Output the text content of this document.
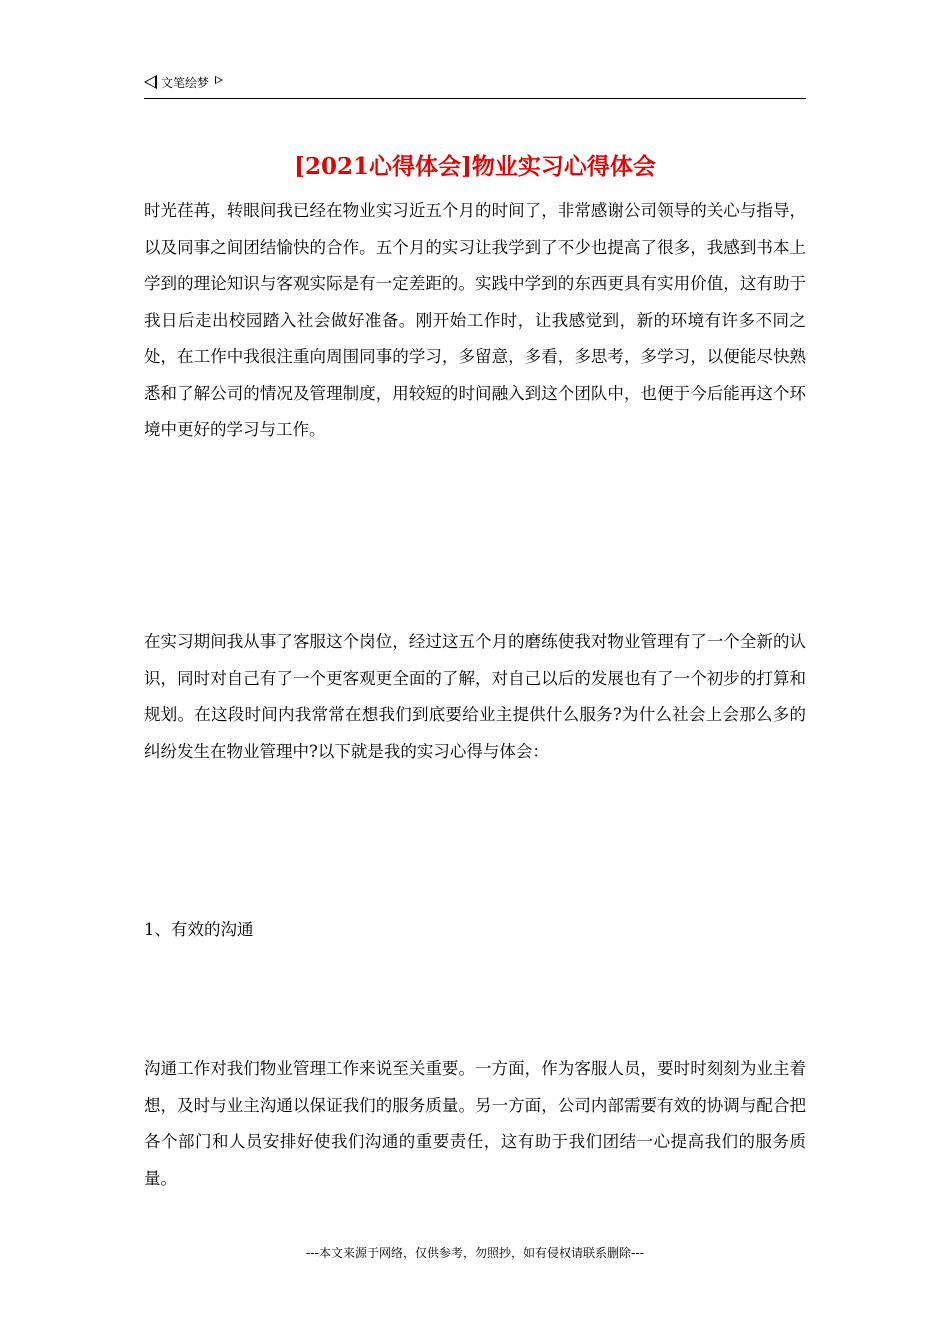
文笔绘梦
[2021心得体会]物业实习心得体会

时光荏苒，转眼间我已经在物业实习近五个月的时间了，非常感谢公司领导的关心与指导，以及同事之间团结愉快的合作。五个月的实习让我学到了不少也提高了很多，我感到书本上学到的理论知识与客观实际是有一定差距的。实践中学到的东西更具有实用价值，这有助于我日后走出校园踏入社会做好准备。刚开始工作时，让我感觉到，新的环境有许多不同之处，在工作中我很注重向周围同事的学习，多留意，多看，多思考，多学习，以便能尽快熟悉和了解公司的情况及管理制度，用较短的时间融入到这个团队中，也便于今后能再这个环境中更好的学习与工作。

在实习期间我从事了客服这个岗位，经过这五个月的磨练使我对物业管理有了一个全新的认识，同时对自己有了一个更客观更全面的了解，对自己以后的发展也有了一个初步的打算和规划。在这段时间内我常常在想我们到底要给业主提供什么服务?为什么社会上会那么多的纠纷发生在物业管理中?以下就是我的实习心得与体会：

1、有效的沟通

沟通工作对我们物业管理工作来说至关重要。一方面，作为客服人员，要时时刻刻为业主着想，及时与业主沟通以保证我们的服务质量。另一方面，公司内部需要有效的协调与配合把各个部门和人员安排好使我们沟通的重要责任，这有助于我们团结一心提高我们的服务质量。

---本文来源于网络，仅供参考，勿照抄，如有侵权请联系删除---
